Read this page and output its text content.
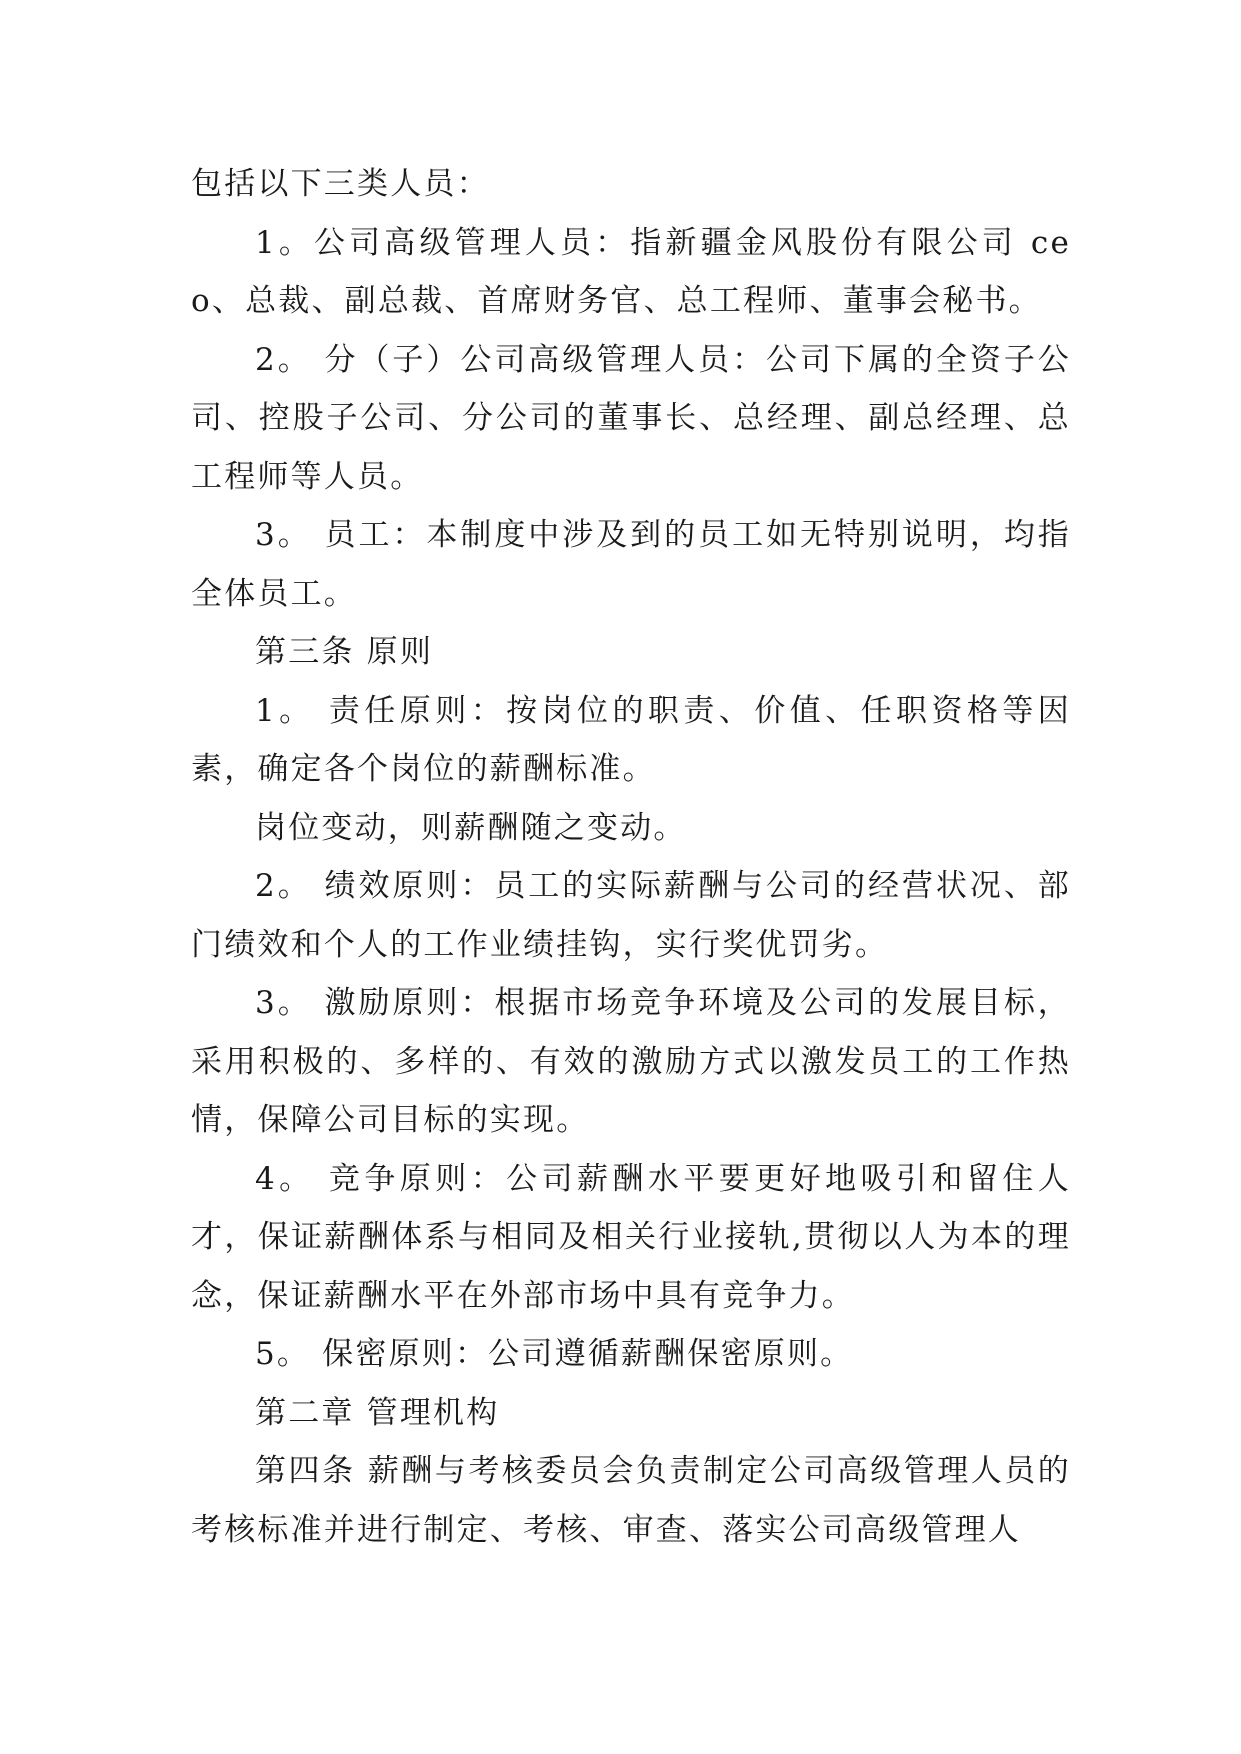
包括以下三类人员：

1。公司高级管理人员：指新疆金风股份有限公司 ceo、总裁、副总裁、首席财务官、总工程师、董事会秘书。

2。 分（子）公司高级管理人员：公司下属的全资子公司、控股子公司、分公司的董事长、总经理、副总经理、总工程师等人员。

3。 员工：本制度中涉及到的员工如无特别说明，均指全体员工。

第三条 原则

1。 责任原则：按岗位的职责、价值、任职资格等因素，确定各个岗位的薪酬标准。

岗位变动，则薪酬随之变动。

2。 绩效原则：员工的实际薪酬与公司的经营状况、部门绩效和个人的工作业绩挂钩，实行奖优罚劣。

3。 激励原则：根据市场竞争环境及公司的发展目标，采用积极的、多样的、有效的激励方式以激发员工的工作热情，保障公司目标的实现。

4。 竞争原则：公司薪酬水平要更好地吸引和留住人才，保证薪酬体系与相同及相关行业接轨,贯彻以人为本的理念，保证薪酬水平在外部市场中具有竞争力。

5。 保密原则：公司遵循薪酬保密原则。

第二章 管理机构

第四条 薪酬与考核委员会负责制定公司高级管理人员的考核标准并进行制定、考核、审查、落实公司高级管理人
